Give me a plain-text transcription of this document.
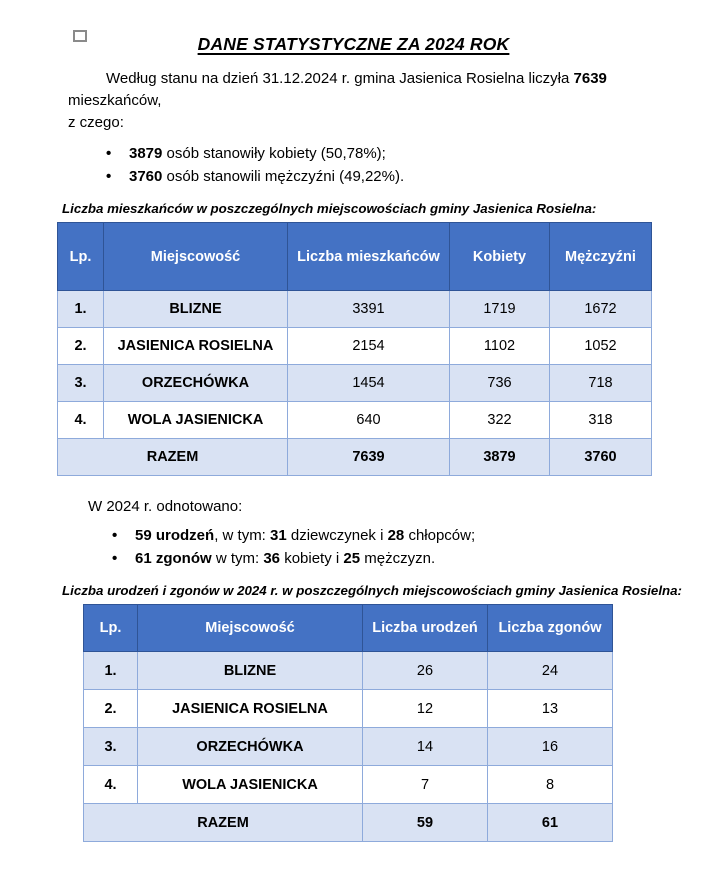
DANE STATYSTYCZNE ZA 2024 ROK

Według stanu na dzień 31.12.2024 r. gmina Jasienica Rosielna liczyła 7639 mieszkańców,
z czego:

• 3879 osób stanowiły kobiety (50,78%);
• 3760 osób stanowili mężczyźni (49,22%).

Liczba mieszkańców w poszczególnych miejscowościach gminy Jasienica Rosielna:

Lp.	Miejscowość	Liczba mieszkańców	Kobiety	Mężczyźni
1.	BLIZNE	3391	1719	1672
2.	JASIENICA ROSIELNA	2154	1102	1052
3.	ORZECHÓWKA	1454	736	718
4.	WOLA JASIENICKA	640	322	318
RAZEM		7639	3879	3760

W 2024 r. odnotowano:

• 59 urodzeń, w tym: 31 dziewczynek i 28 chłopców;
• 61 zgonów w tym: 36 kobiety i 25 mężczyzn.

Liczba urodzeń i zgonów w 2024 r. w poszczególnych miejscowościach gminy Jasienica Rosielna:

Lp.	Miejscowość	Liczba urodzeń	Liczba zgonów
1.	BLIZNE	26	24
2.	JASIENICA ROSIELNA	12	13
3.	ORZECHÓWKA	14	16
4.	WOLA JASIENICKA	7	8
RAZEM		59	61
